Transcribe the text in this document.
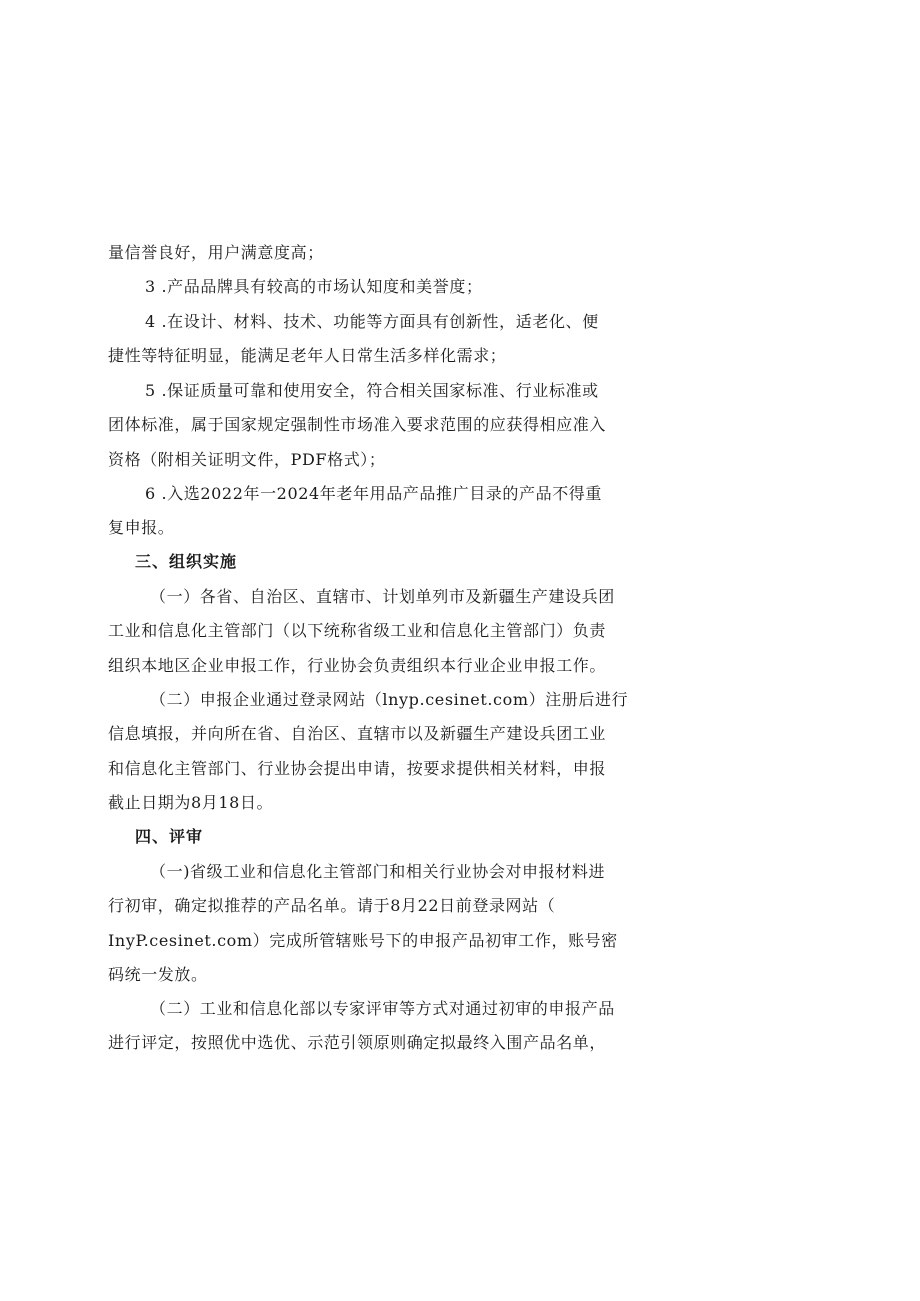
量信誉良好，用户满意度高；
3 .产品品牌具有较高的市场认知度和美誉度；
4 .在设计、材料、技术、功能等方面具有创新性，适老化、便
捷性等特征明显，能满足老年人日常生活多样化需求；
5 .保证质量可靠和使用安全，符合相关国家标准、行业标准或
团体标准，属于国家规定强制性市场准入要求范围的应获得相应准入
资格（附相关证明文件，PDF格式）；
6 .入选2022年一2024年老年用品产品推广目录的产品不得重
复申报。
三、组织实施
（一）各省、自治区、直辖市、计划单列市及新疆生产建设兵团
工业和信息化主管部门（以下统称省级工业和信息化主管部门）负责
组织本地区企业申报工作，行业协会负责组织本行业企业申报工作。
（二）申报企业通过登录网站（lnyp.cesinet.com）注册后进行
信息填报，并向所在省、自治区、直辖市以及新疆生产建设兵团工业
和信息化主管部门、行业协会提出申请，按要求提供相关材料，申报
截止日期为8月18日。
四、评审
（一)省级工业和信息化主管部门和相关行业协会对申报材料进
行初审，确定拟推荐的产品名单。请于8月22日前登录网站（
InyP.cesinet.com）完成所管辖账号下的申报产品初审工作，账号密
码统一发放。
（二）工业和信息化部以专家评审等方式对通过初审的申报产品
进行评定，按照优中选优、示范引领原则确定拟最终入围产品名单，
